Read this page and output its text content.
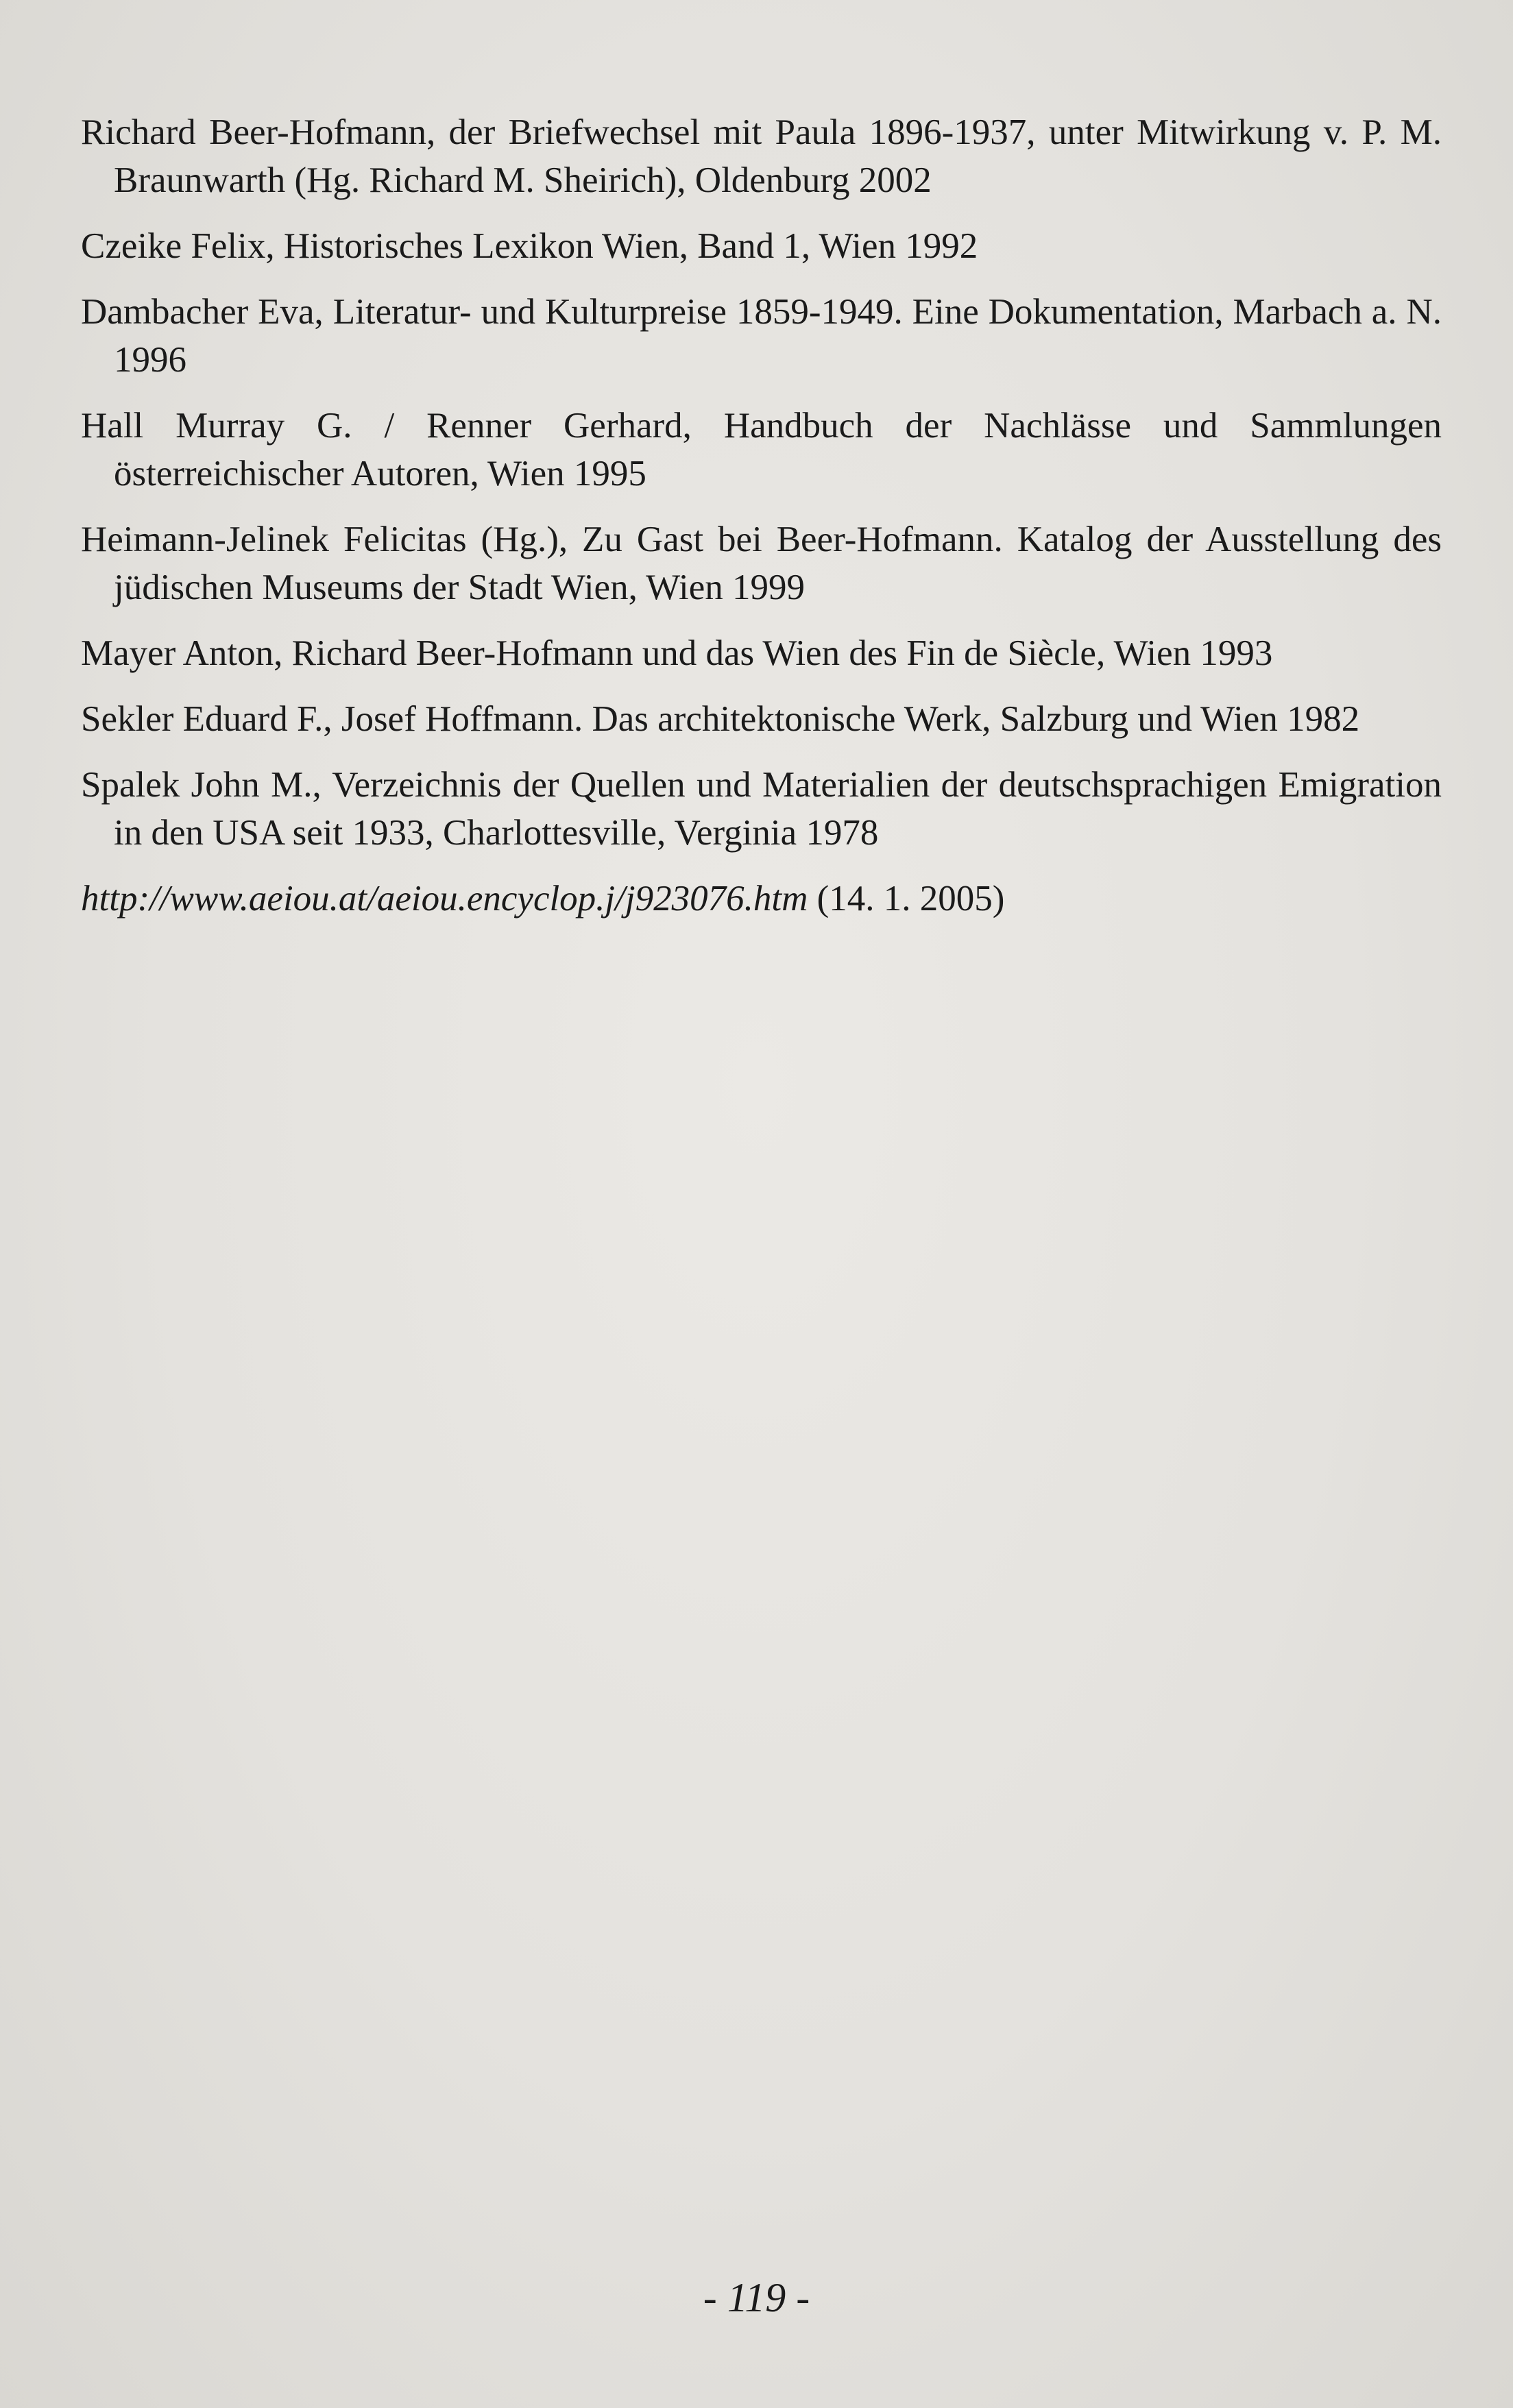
Richard Beer-Hofmann, der Briefwechsel mit Paula 1896-1937, unter Mitwirkung v. P. M. Braunwarth (Hg. Richard M. Sheirich), Oldenburg 2002
Czeike Felix, Historisches Lexikon Wien, Band 1, Wien 1992
Dambacher Eva, Literatur- und Kulturpreise 1859-1949. Eine Dokumentation, Marbach a. N. 1996
Hall Murray G. / Renner Gerhard, Handbuch der Nachlässe und Sammlungen österreichischer Autoren, Wien 1995
Heimann-Jelinek Felicitas (Hg.), Zu Gast bei Beer-Hofmann. Katalog der Ausstellung des jüdischen Museums der Stadt Wien, Wien 1999
Mayer Anton, Richard Beer-Hofmann und das Wien des Fin de Siècle, Wien 1993
Sekler Eduard F., Josef Hoffmann. Das architektonische Werk, Salzburg und Wien 1982
Spalek John M., Verzeichnis der Quellen und Materialien der deutschsprachigen Emigration in den USA seit 1933, Charlottesville, Verginia 1978
http://www.aeiou.at/aeiou.encyclop.j/j923076.htm (14. 1. 2005)

- 119 -
